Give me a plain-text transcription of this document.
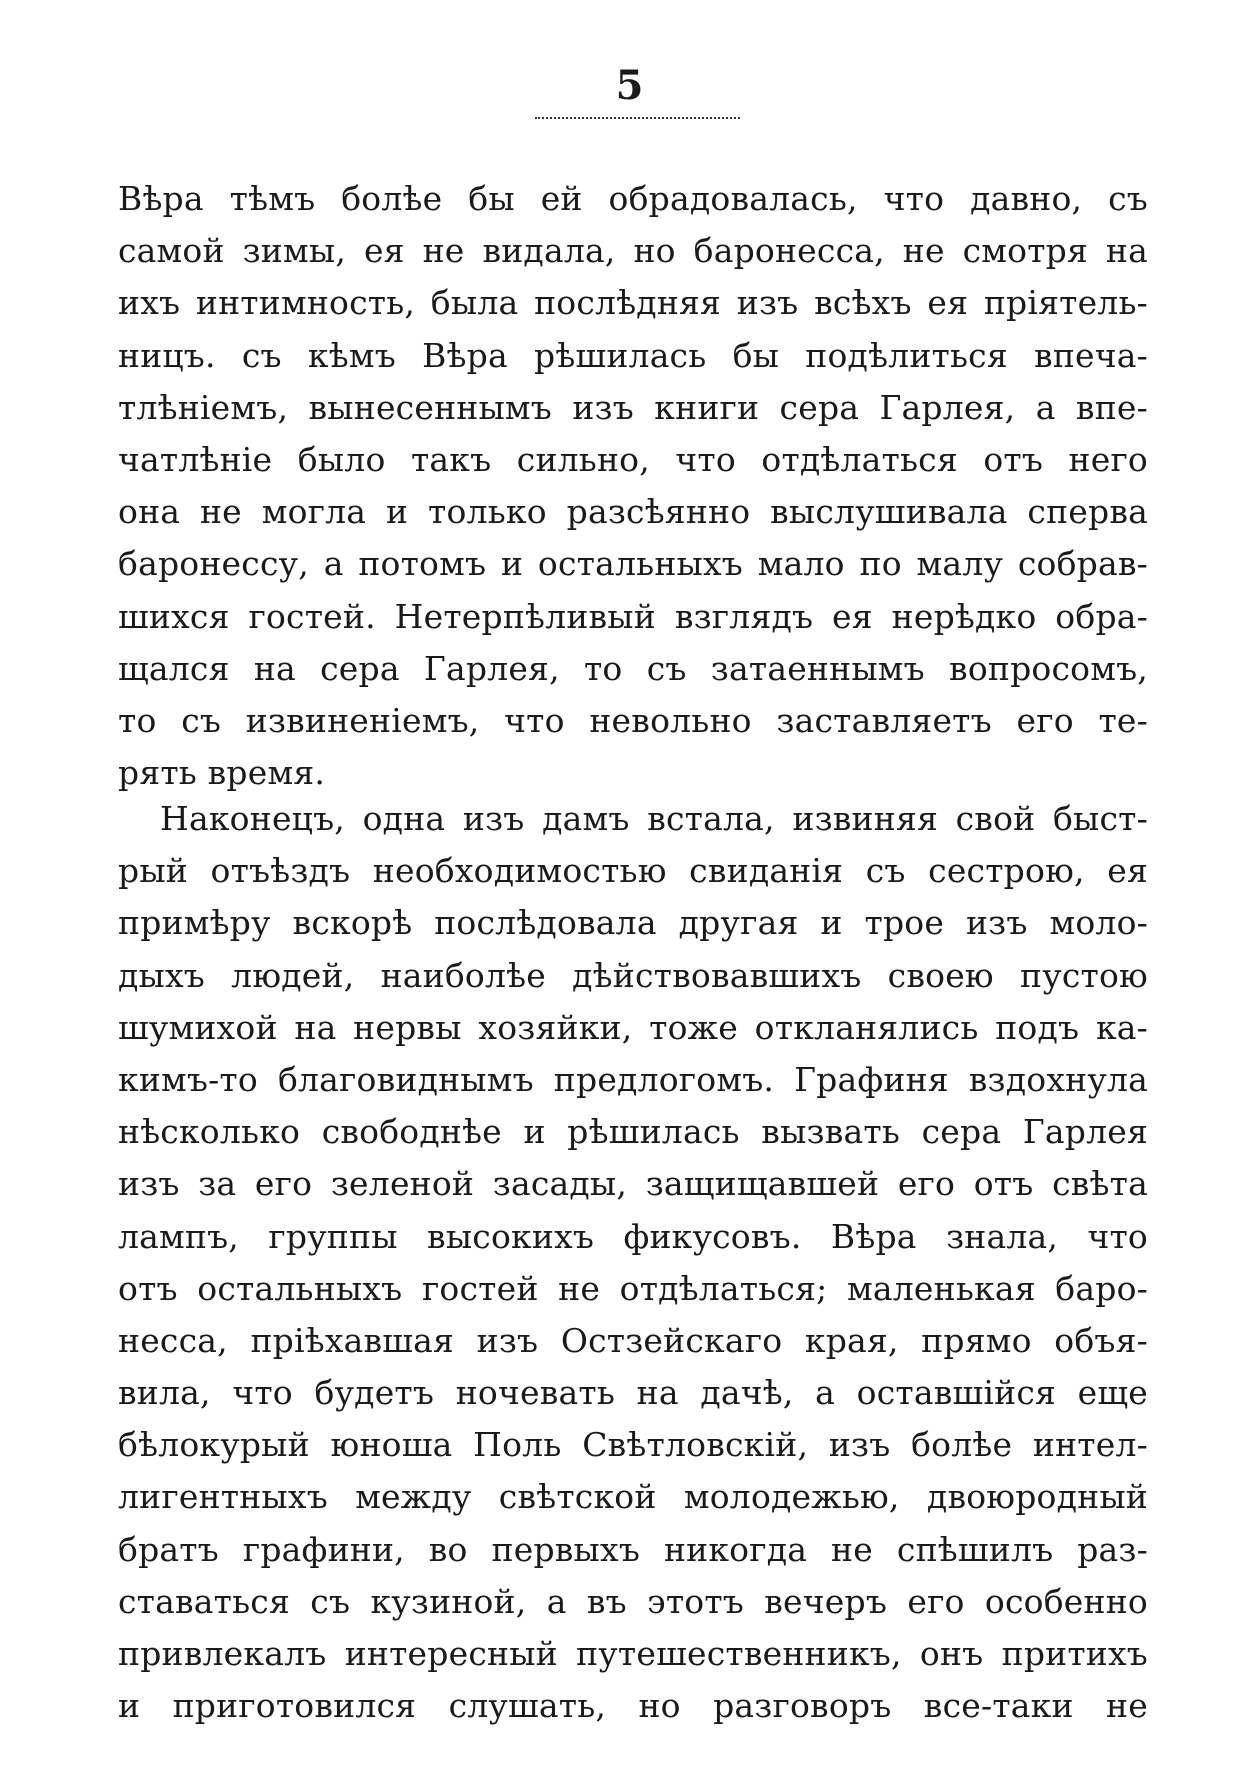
5
Вѣра тѣмъ болѣе бы ей обрадовалась, что давно, съ
самой зимы, ея не видала, но баронесса, не смотря на
ихъ интимность, была послѣдняя изъ всѣхъ ея пріятель-
ницъ. съ кѣмъ Вѣра рѣшилась бы подѣлиться впеча-
тлѣніемъ, вынесеннымъ изъ книги сера Гарлея, а впе-
чатлѣніе было такъ сильно, что отдѣлаться отъ него
она не могла и только разсѣянно выслушивала сперва
баронессу, а потомъ и остальныхъ мало по малу собрав-
шихся гостей. Нетерпѣливый взглядъ ея нерѣдко обра-
щался на сера Гарлея, то съ затаеннымъ вопросомъ,
то съ извиненіемъ, что невольно заставляетъ его те-
рять время.
Наконецъ, одна изъ дамъ встала, извиняя свой быст-
рый отъѣздъ необходимостью свиданія съ сестрою, ея
примѣру вскорѣ послѣдовала другая и трое изъ моло-
дыхъ людей, наиболѣе дѣйствовавшихъ своею пустою
шумихой на нервы хозяйки, тоже откланялись подъ ка-
кимъ-то благовиднымъ предлогомъ. Графиня вздохнула
нѣсколько свободнѣе и рѣшилась вызвать сера Гарлея
изъ за его зеленой засады, защищавшей его отъ свѣта
лампъ, группы высокихъ фикусовъ. Вѣра знала, что
отъ остальныхъ гостей не отдѣлаться; маленькая баро-
несса, пріѣхавшая изъ Остзейскаго края, прямо объя-
вила, что будетъ ночевать на дачѣ, а оставшійся еще
бѣлокурый юноша Поль Свѣтловскій, изъ болѣе интел-
лигентныхъ между свѣтской молодежью, двоюродный
братъ графини, во первыхъ никогда не спѣшилъ раз-
ставаться съ кузиной, а въ этотъ вечеръ его особенно
привлекалъ интересный путешественникъ, онъ притихъ
и приготовился слушать, но разговоръ все-таки не
